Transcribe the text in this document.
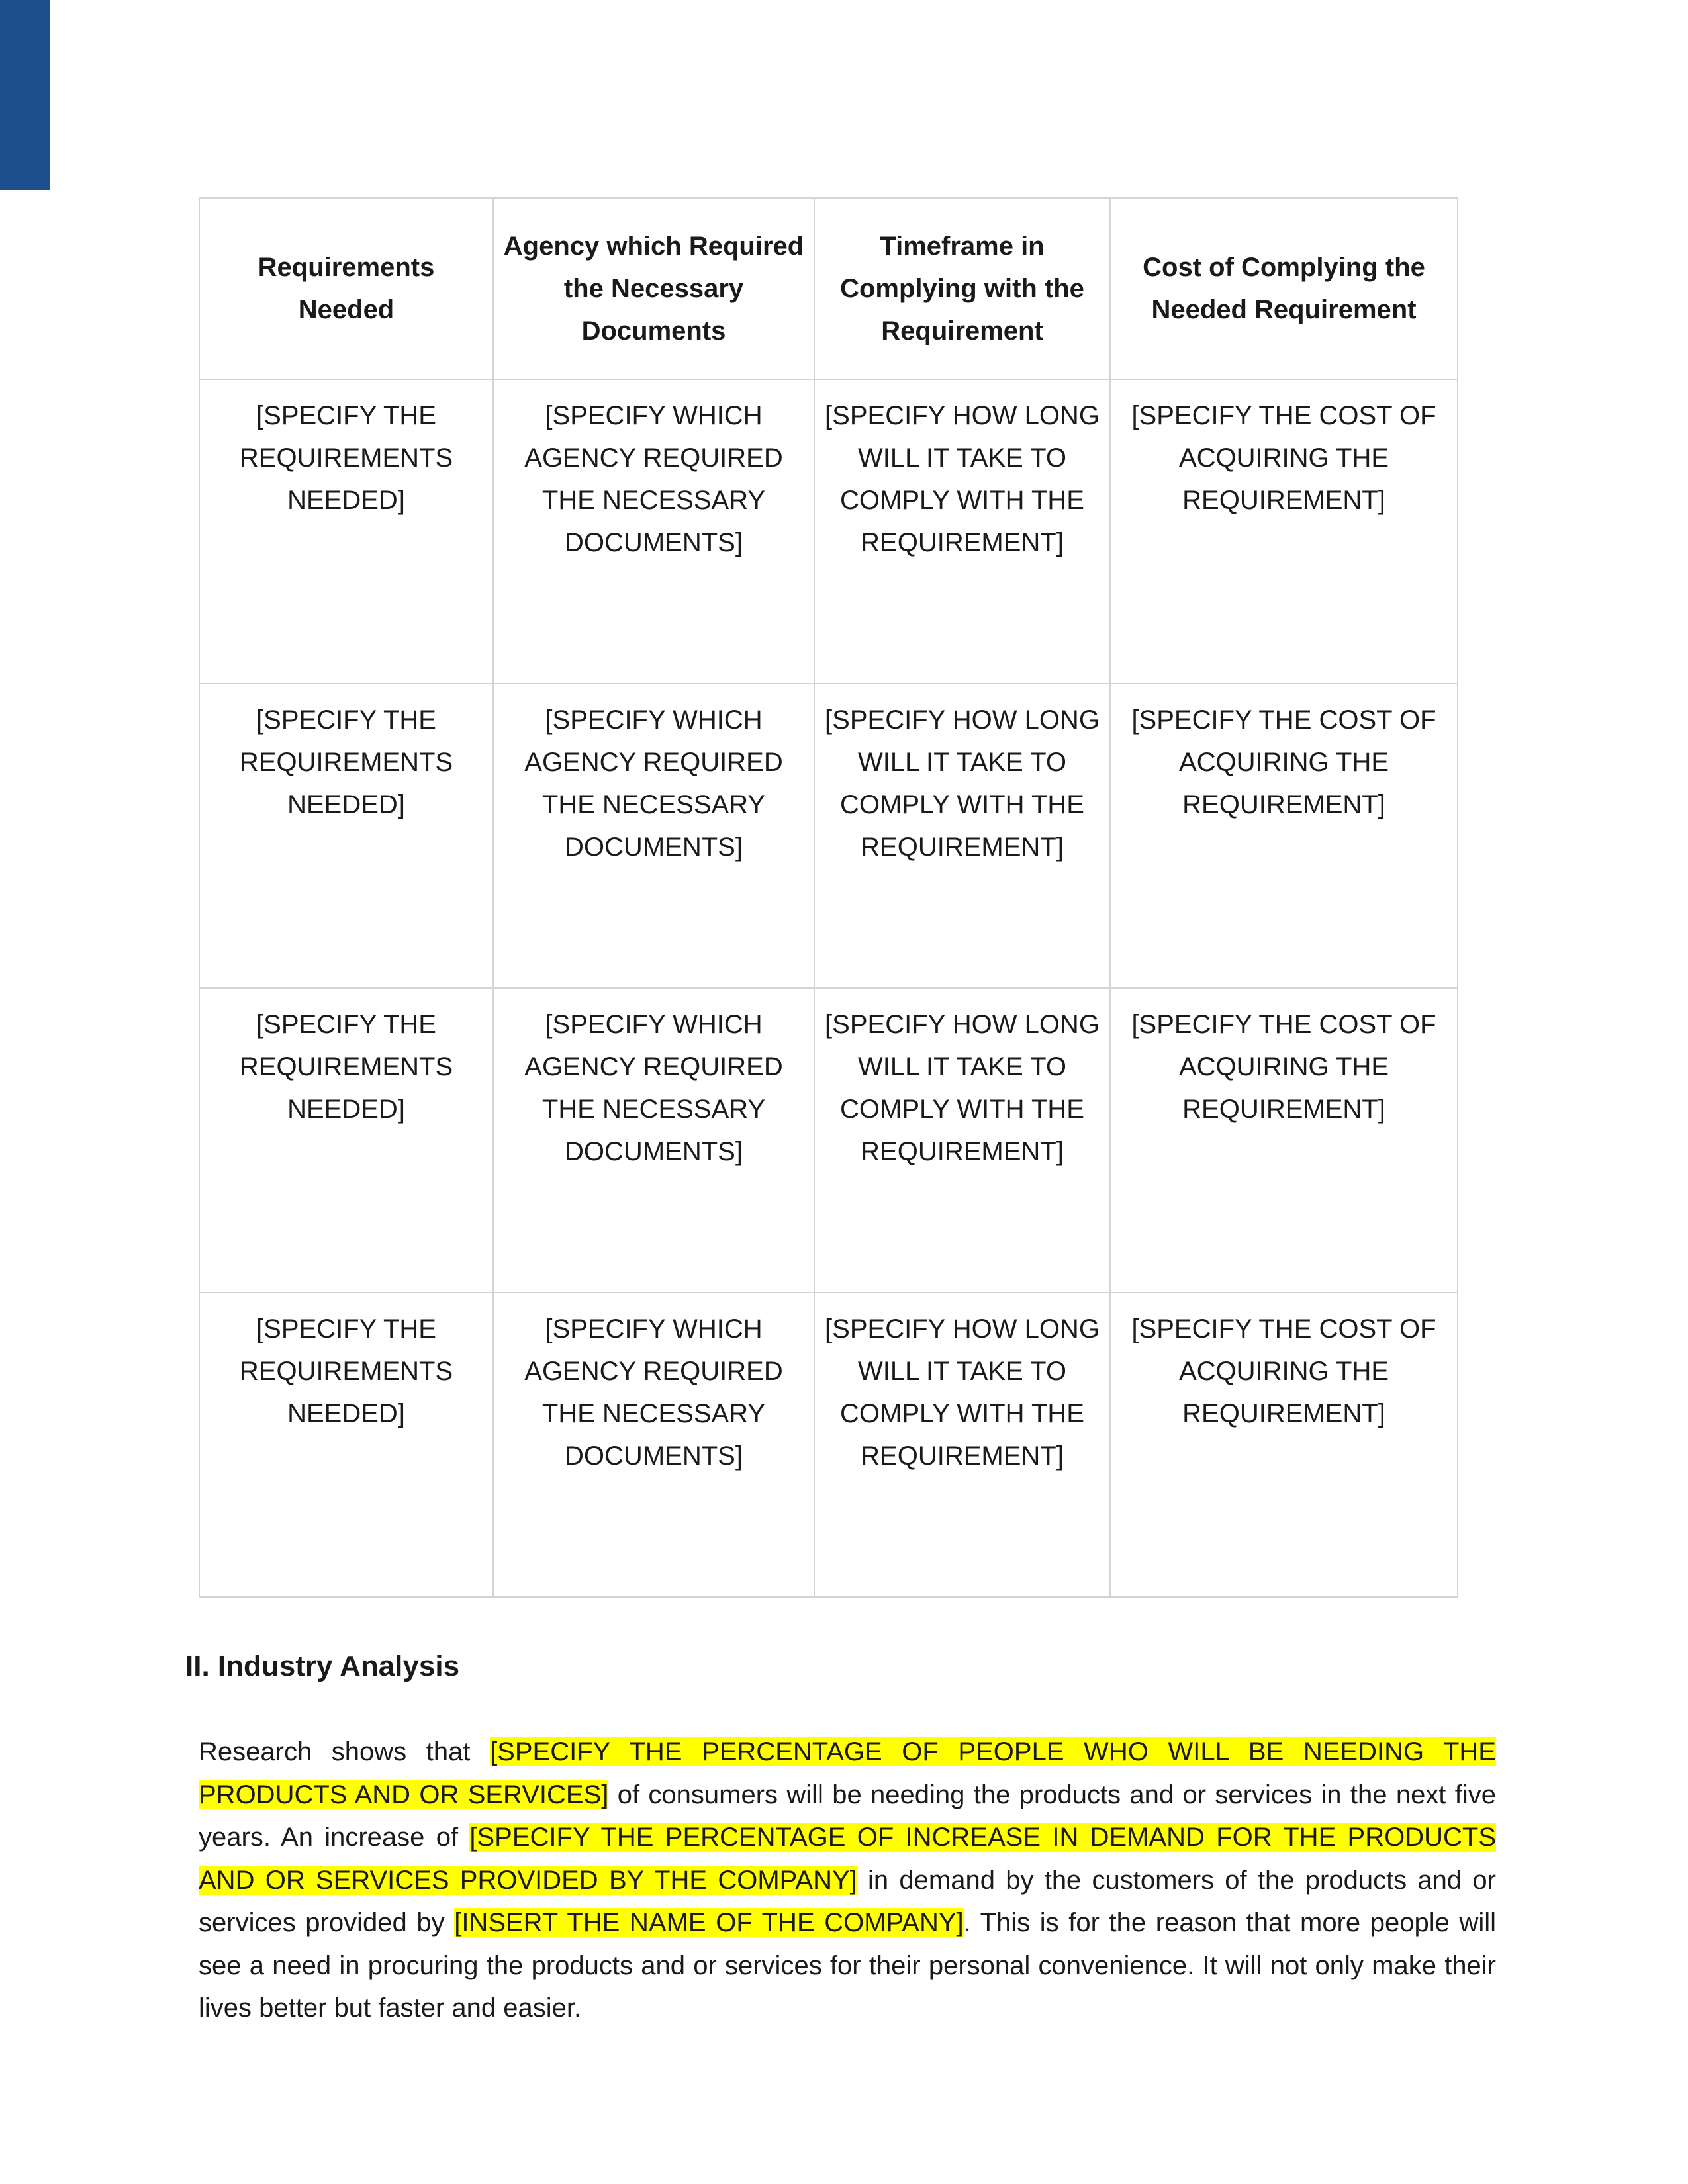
Requirements Needed	Agency which Required the Necessary Documents	Timeframe in Complying with the Requirement	Cost of Complying the Needed Requirement
[SPECIFY THE REQUIREMENTS NEEDED]	[SPECIFY WHICH AGENCY REQUIRED THE NECESSARY DOCUMENTS]	[SPECIFY HOW LONG WILL IT TAKE TO COMPLY WITH THE REQUIREMENT]	[SPECIFY THE COST OF ACQUIRING THE REQUIREMENT]
[SPECIFY THE REQUIREMENTS NEEDED]	[SPECIFY WHICH AGENCY REQUIRED THE NECESSARY DOCUMENTS]	[SPECIFY HOW LONG WILL IT TAKE TO COMPLY WITH THE REQUIREMENT]	[SPECIFY THE COST OF ACQUIRING THE REQUIREMENT]
[SPECIFY THE REQUIREMENTS NEEDED]	[SPECIFY WHICH AGENCY REQUIRED THE NECESSARY DOCUMENTS]	[SPECIFY HOW LONG WILL IT TAKE TO COMPLY WITH THE REQUIREMENT]	[SPECIFY THE COST OF ACQUIRING THE REQUIREMENT]
[SPECIFY THE REQUIREMENTS NEEDED]	[SPECIFY WHICH AGENCY REQUIRED THE NECESSARY DOCUMENTS]	[SPECIFY HOW LONG WILL IT TAKE TO COMPLY WITH THE REQUIREMENT]	[SPECIFY THE COST OF ACQUIRING THE REQUIREMENT]
II. Industry Analysis

Research shows that [SPECIFY THE PERCENTAGE OF PEOPLE WHO WILL BE NEEDING THE PRODUCTS AND OR SERVICES] of consumers will be needing the products and or services in the next five years. An increase of [SPECIFY THE PERCENTAGE OF INCREASE IN DEMAND FOR THE PRODUCTS AND OR SERVICES PROVIDED BY THE COMPANY] in demand by the customers of the products and or services provided by [INSERT THE NAME OF THE COMPANY]. This is for the reason that more people will see a need in procuring the products and or services for their personal convenience. It will not only make their lives better but faster and easier.
